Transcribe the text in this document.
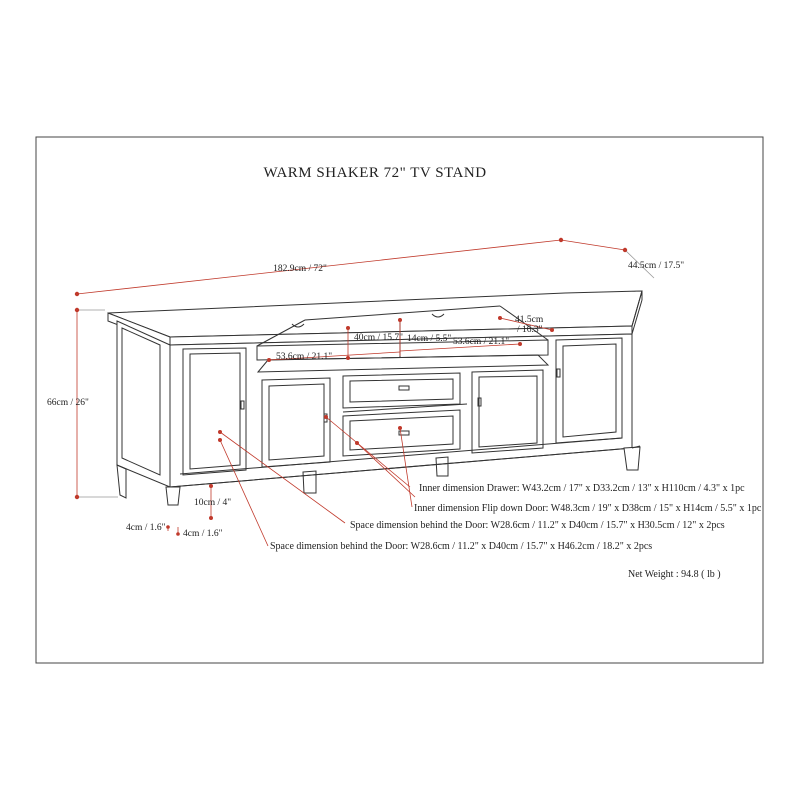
WARM SHAKER 72" TV STAND
182.9cm / 72"	44.5cm / 17.5"
66cm / 26"
40cm / 15.7" 14cm / 5.5"
53.6cm / 21.1"
53.6cm / 21.1"
41.5cm
/ 16.3"
10cm / 4"
4cm / 1.6"
4cm / 1.6"
Inner dimension Drawer: W43.2cm / 17" x D33.2cm / 13" x H110cm / 4.3" x 1pc
Inner dimension Flip down Door: W48.3cm / 19" x D38cm / 15" x H14cm / 5.5" x 1pc
Space dimension behind the Door: W28.6cm / 11.2" x D40cm / 15.7" x H30.5cm / 12" x 2pcs
Space dimension behind the Door: W28.6cm / 11.2" x D40cm / 15.7" x H46.2cm / 18.2" x 2pcs
Net Weight : 94.8 ( lb )
